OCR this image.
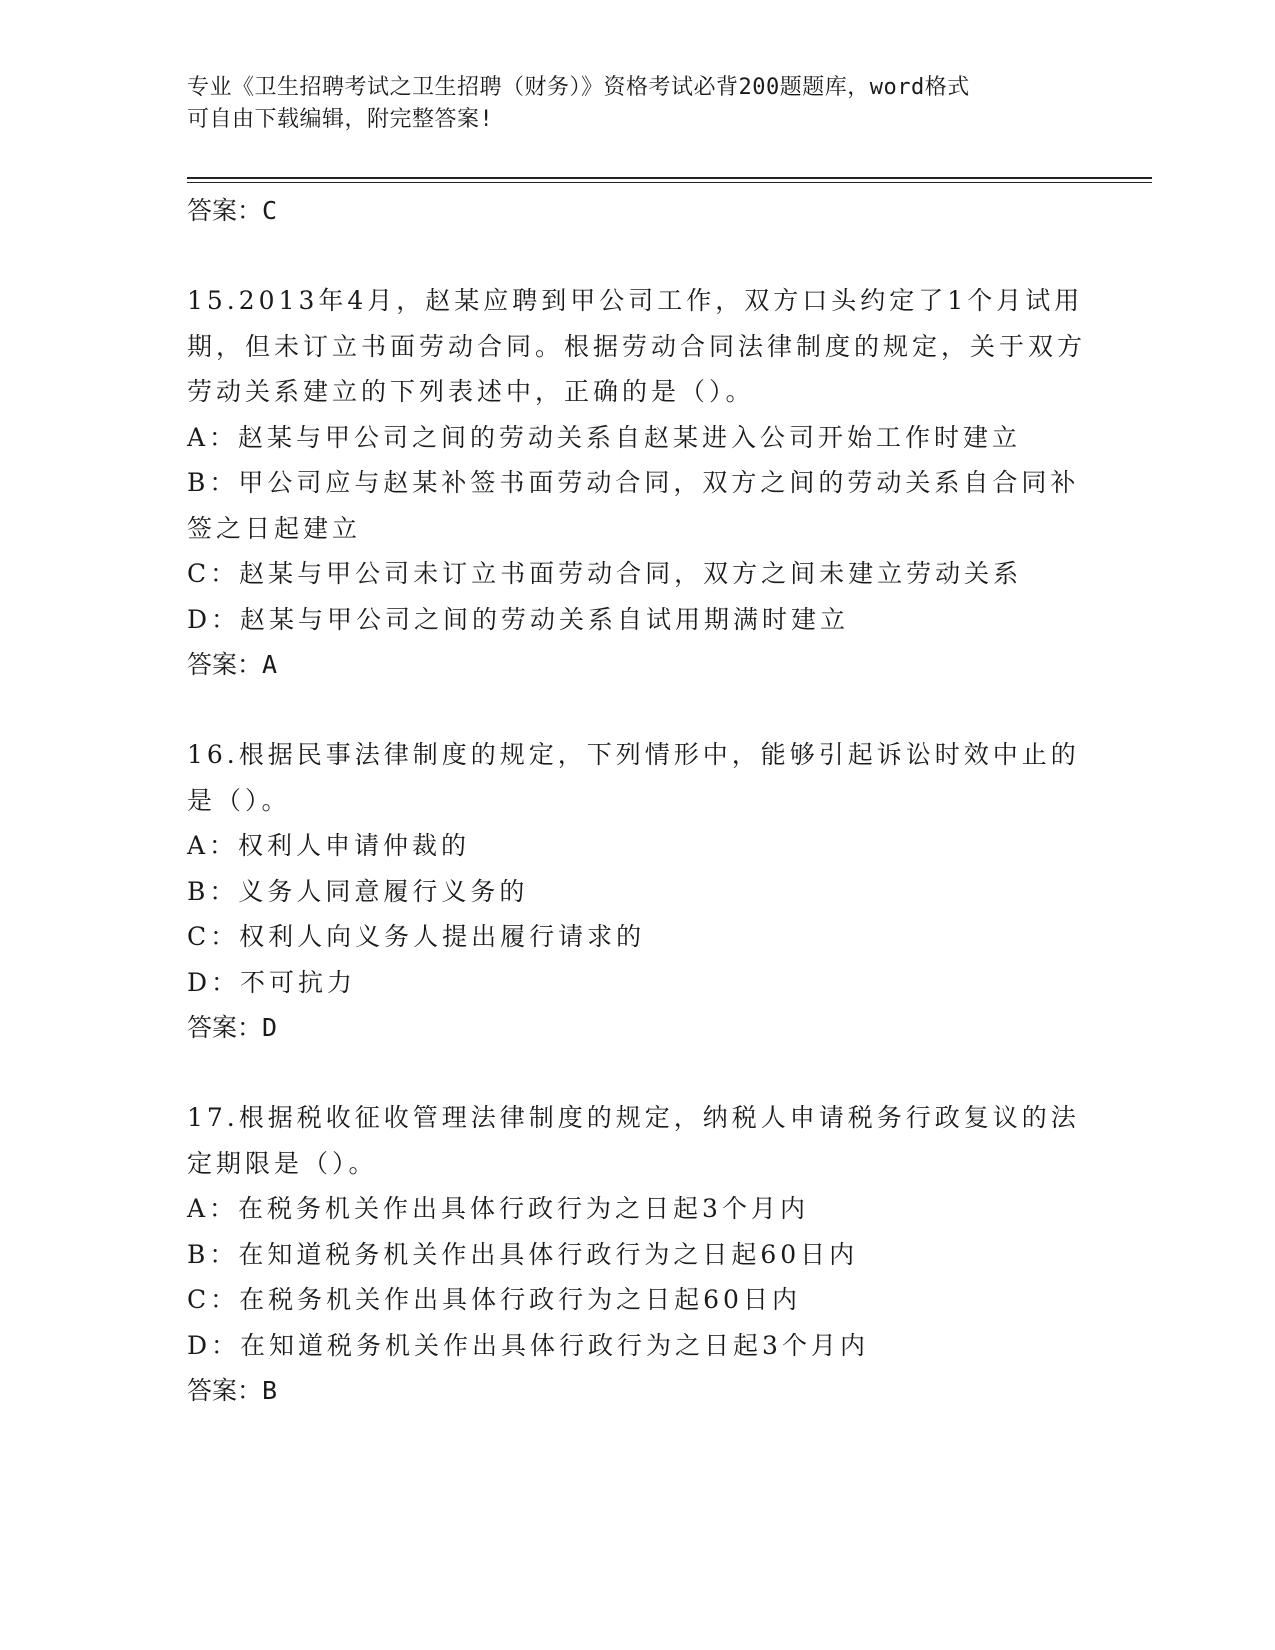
专业《卫生招聘考试之卫生招聘（财务）》资格考试必背200题题库，word格式
可自由下载编辑，附完整答案!
答案：C
15.2013年4月，赵某应聘到甲公司工作，双方口头约定了1个月试用期，但未订立书面劳动合同。根据劳动合同法律制度的规定，关于双方劳动关系建立的下列表述中，正确的是（）。
A：赵某与甲公司之间的劳动关系自赵某进入公司开始工作时建立
B：甲公司应与赵某补签书面劳动合同，双方之间的劳动关系自合同补签之日起建立
C：赵某与甲公司未订立书面劳动合同，双方之间未建立劳动关系
D：赵某与甲公司之间的劳动关系自试用期满时建立
答案：A
16.根据民事法律制度的规定，下列情形中，能够引起诉讼时效中止的是（）。
A：权利人申请仲裁的
B：义务人同意履行义务的
C：权利人向义务人提出履行请求的
D：不可抗力
答案：D
17.根据税收征收管理法律制度的规定，纳税人申请税务行政复议的法定期限是（）。
A：在税务机关作出具体行政行为之日起3个月内
B：在知道税务机关作出具体行政行为之日起60日内
C：在税务机关作出具体行政行为之日起60日内
D：在知道税务机关作出具体行政行为之日起3个月内
答案：B
